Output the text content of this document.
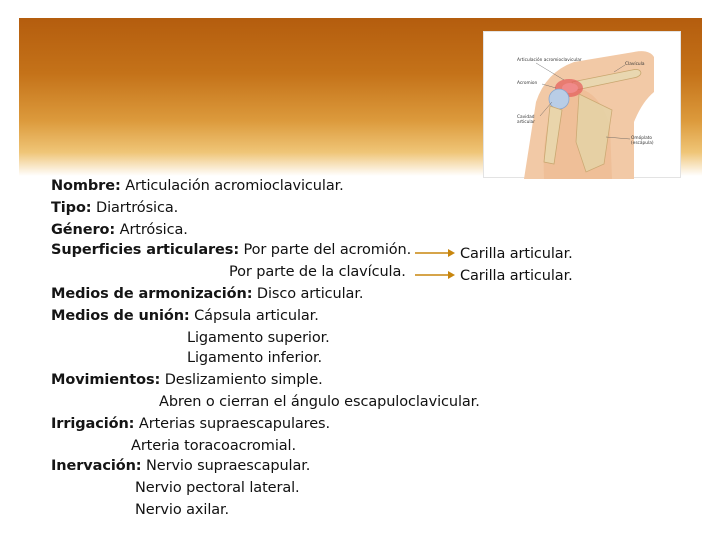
Articulación acromioclavicular
Clavícula
Acromion
Cavidad
articular
Omóplato
(escápula)
Nombre: Articulación acromioclavicular.
Tipo: Diartrósica.
Género: Artrósica.
Superficies articulares: Por parte del acromión.
Por parte de la clavícula.
Carilla articular.
Carilla articular.
Medios de armonización: Disco articular.
Medios de unión: Cápsula articular.
Ligamento superior.
Ligamento inferior.
Movimientos: Deslizamiento simple.
Abren o cierran el ángulo escapuloclavicular.
Irrigación: Arterias supraescapulares.
Arteria toracoacromial.
Inervación: Nervio supraescapular.
Nervio pectoral lateral.
Nervio axilar.
